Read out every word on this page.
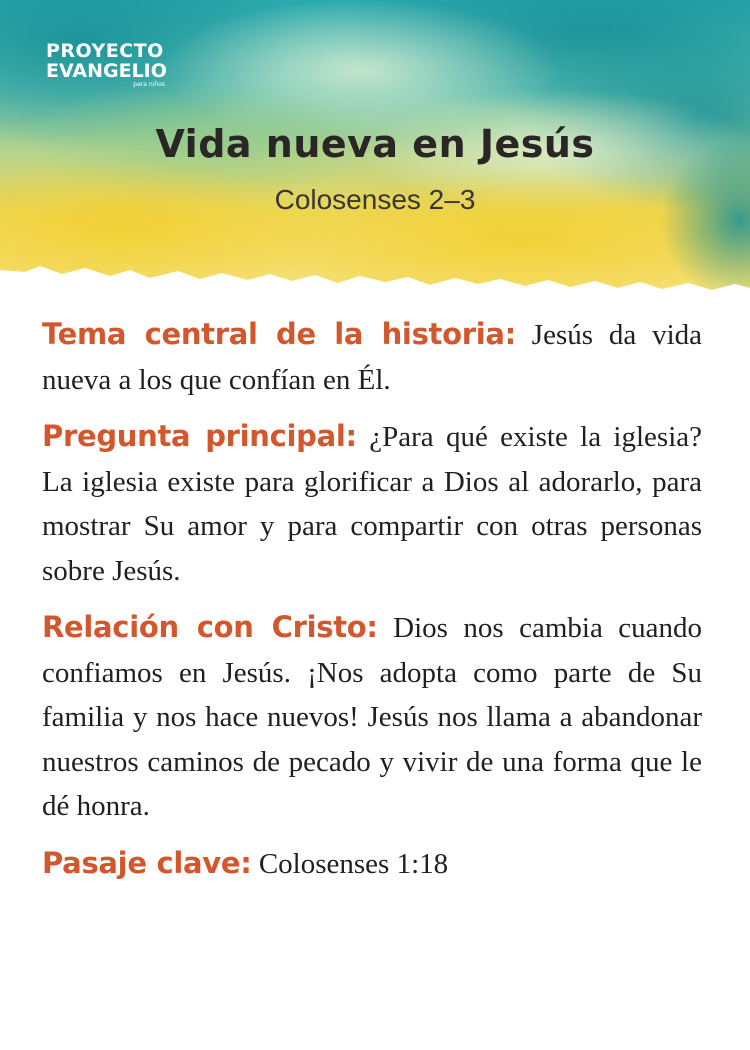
PROYECTO
EVANGELIO
para niños
Vida nueva en Jesús
Colosenses 2–3

Tema central de la historia: Jesús da vida nueva a los que confían en Él.

Pregunta principal: ¿Para qué existe la iglesia? La iglesia existe para glorificar a Dios al adorarlo, para mostrar Su amor y para compartir con otras personas sobre Jesús.

Relación con Cristo: Dios nos cambia cuando confiamos en Jesús. ¡Nos adopta como parte de Su familia y nos hace nuevos! Jesús nos llama a abandonar nuestros caminos de pecado y vivir de una forma que le dé honra.

Pasaje clave: Colosenses 1:18
